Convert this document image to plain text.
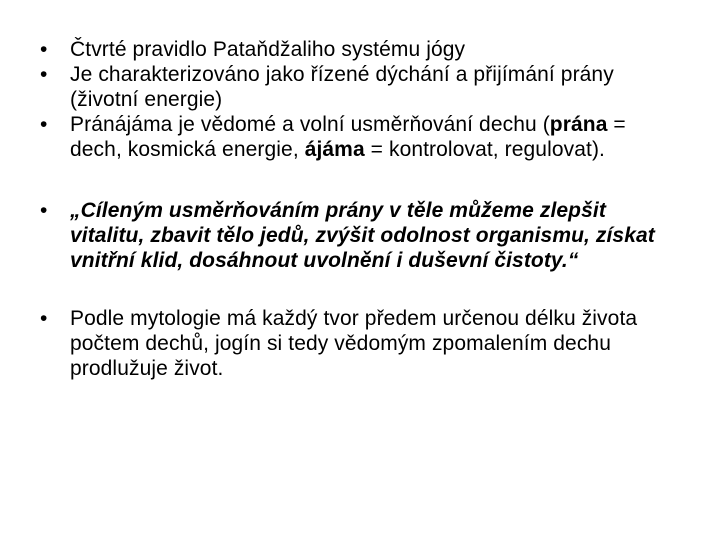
•	Čtvrté pravidlo Pataňdžaliho systému jógy
•	Je charakterizováno jako řízené dýchání a přijímání prány (životní energie)
•	Pránájáma je vědomé a volní usměrňování dechu (prána = dech, kosmická energie, ájáma = kontrolovat, regulovat).
•	„Cíleným usměrňováním prány v těle můžeme zlepšit vitalitu, zbavit tělo jedů, zvýšit odolnost organismu, získat vnitřní klid, dosáhnout uvolnění i duševní čistoty.“
•	Podle mytologie má každý tvor předem určenou délku života počtem dechů, jogín si tedy vědomým zpomalením dechu prodlužuje život.
